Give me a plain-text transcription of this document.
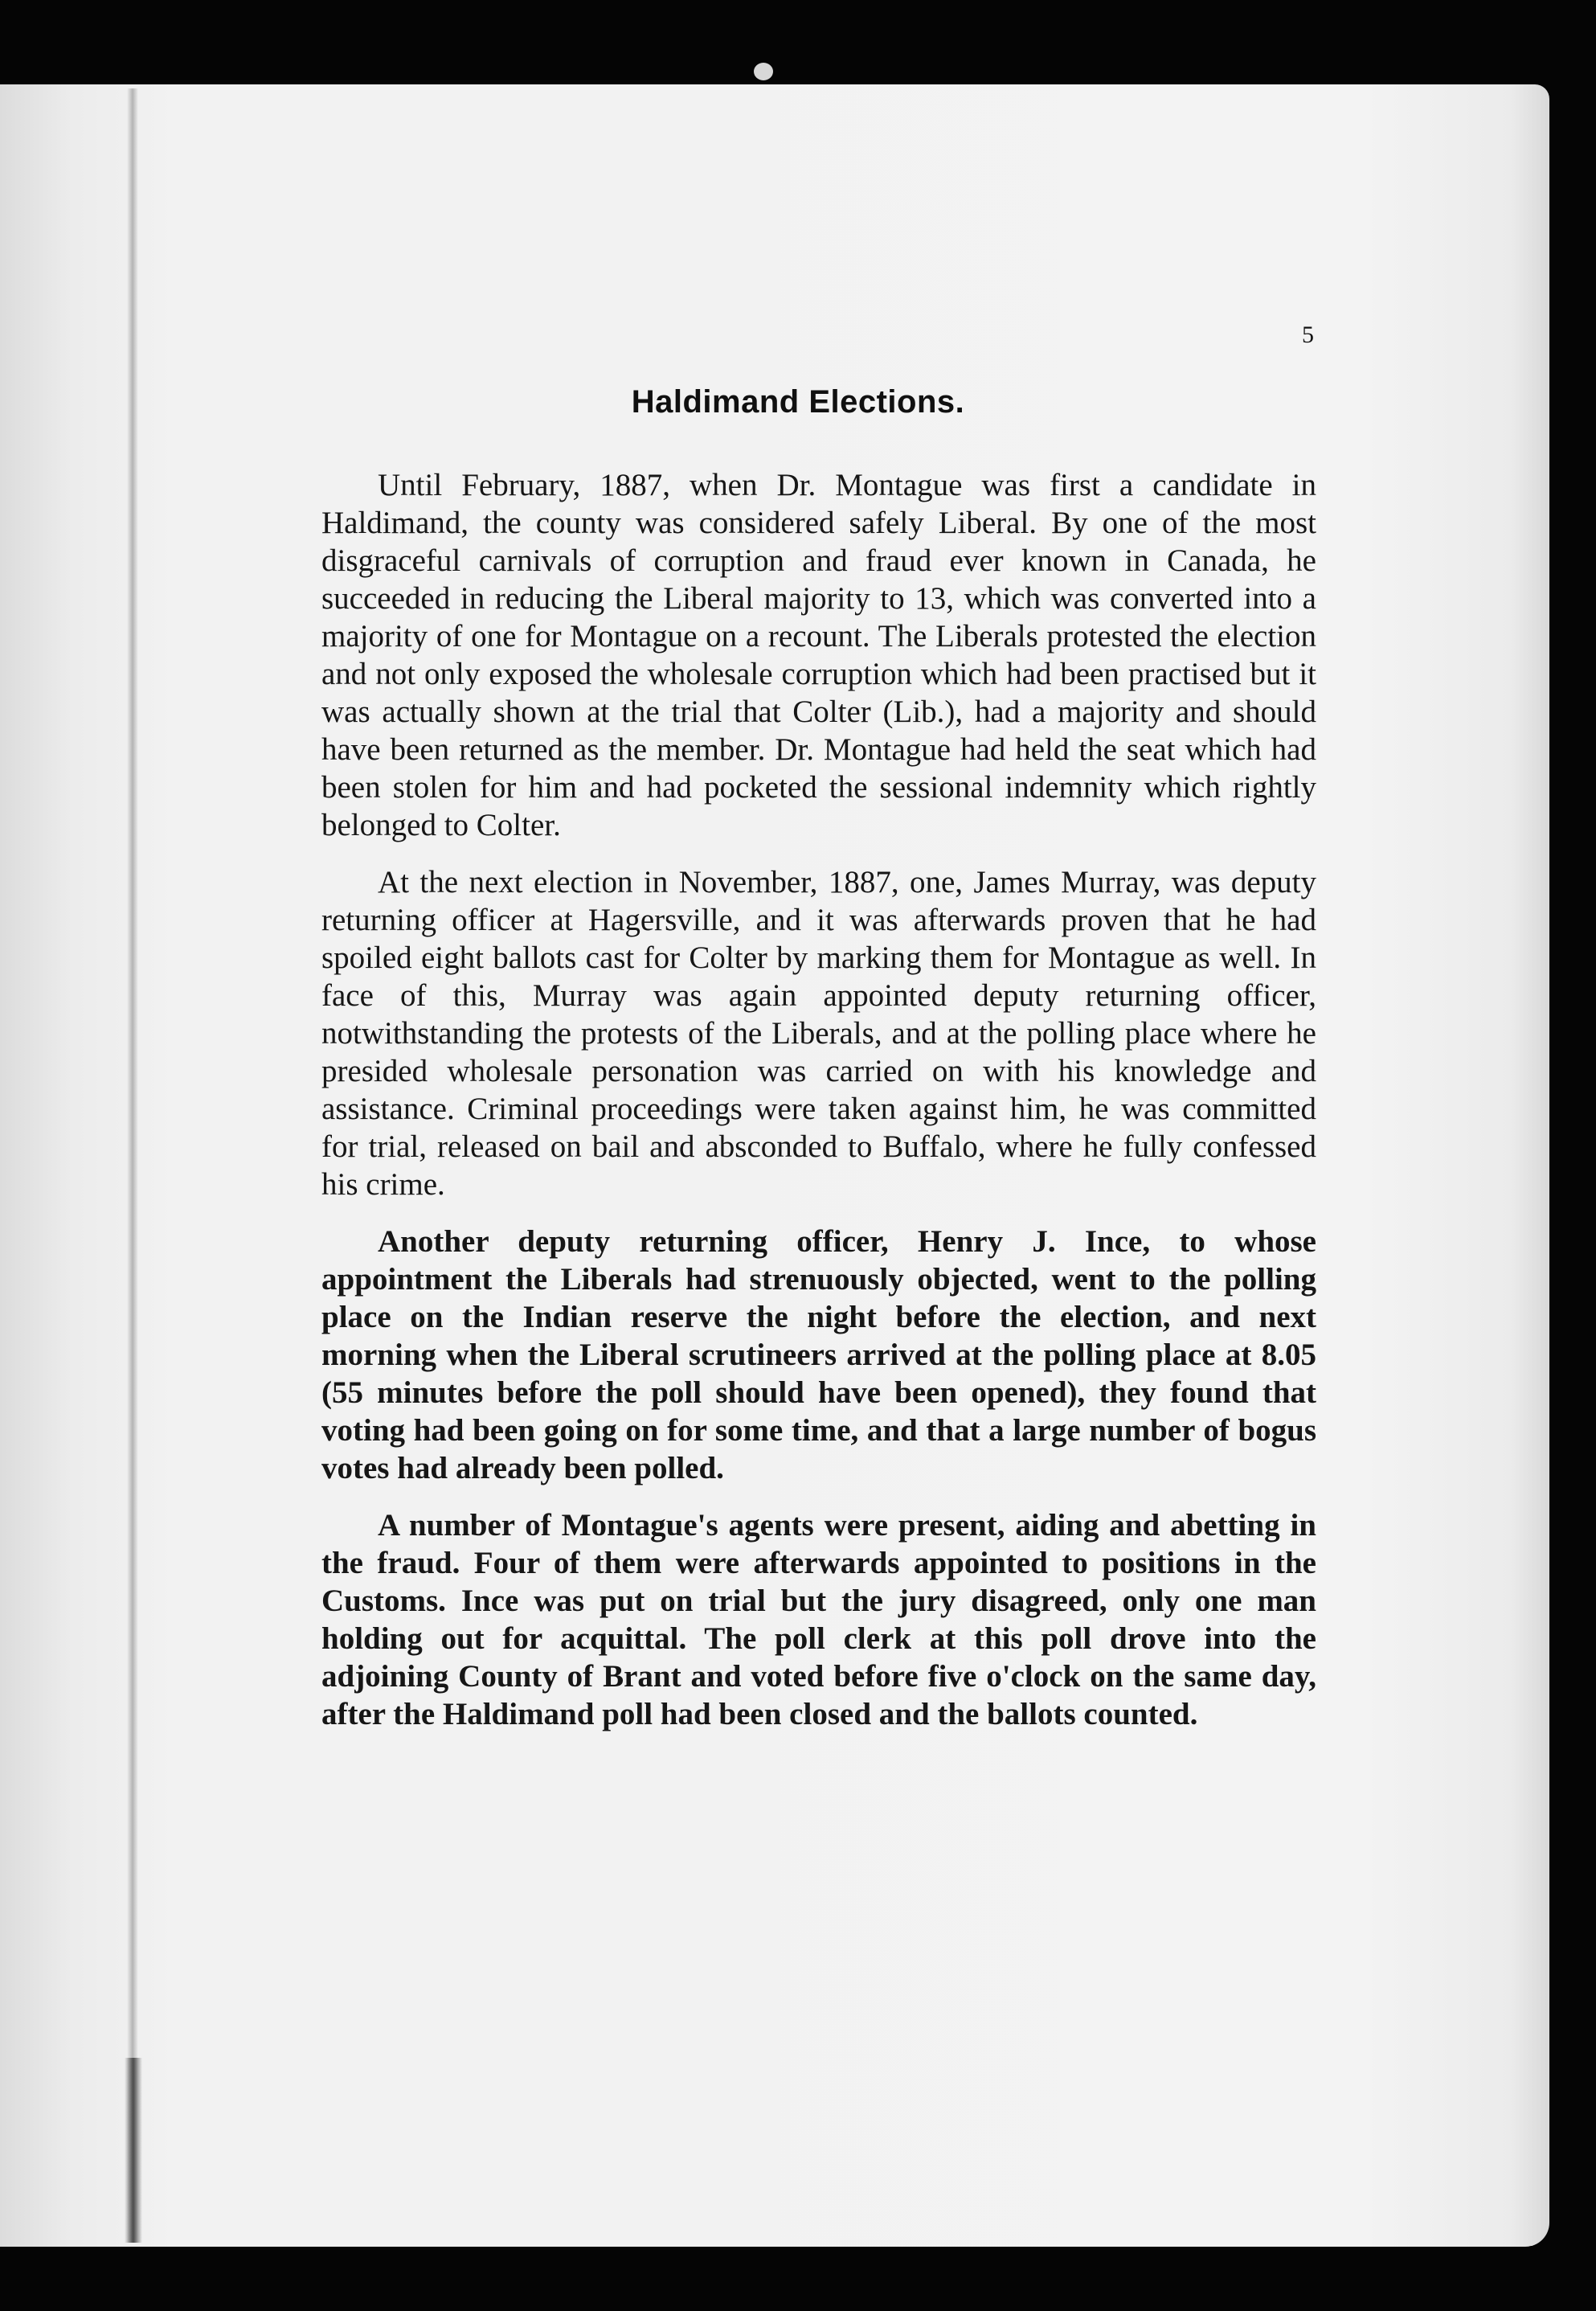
5
Haldimand Elections.

Until February, 1887, when Dr. Montague was first a candidate in Haldimand, the county was considered safely Liberal. By one of the most disgraceful carnivals of corruption and fraud ever known in Canada, he succeeded in reducing the Liberal majority to 13, which was converted into a majority of one for Montague on a recount. The Liberals protested the election and not only exposed the wholesale corruption which had been practised but it was actually shown at the trial that Colter (Lib.), had a majority and should have been returned as the member. Dr. Montague had held the seat which had been stolen for him and had pocketed the sessional indemnity which rightly belonged to Colter.

At the next election in November, 1887, one, James Murray, was deputy returning officer at Hagersville, and it was afterwards proven that he had spoiled eight ballots cast for Colter by marking them for Montague as well. In face of this, Murray was again appointed deputy returning officer, notwithstanding the protests of the Liberals, and at the polling place where he presided wholesale personation was carried on with his knowledge and assistance. Criminal proceedings were taken against him, he was committed for trial, released on bail and absconded to Buffalo, where he fully confessed his crime.

Another deputy returning officer, Henry J. Ince, to whose appointment the Liberals had strenuously objected, went to the polling place on the Indian reserve the night before the election, and next morning when the Liberal scrutineers arrived at the polling place at 8.05 (55 minutes before the poll should have been opened), they found that voting had been going on for some time, and that a large number of bogus votes had already been polled.

A number of Montague's agents were present, aiding and abetting in the fraud. Four of them were afterwards appointed to positions in the Customs. Ince was put on trial but the jury disagreed, only one man holding out for acquittal. The poll clerk at this poll drove into the adjoining County of Brant and voted before five o'clock on the same day, after the Haldimand poll had been closed and the ballots counted.
